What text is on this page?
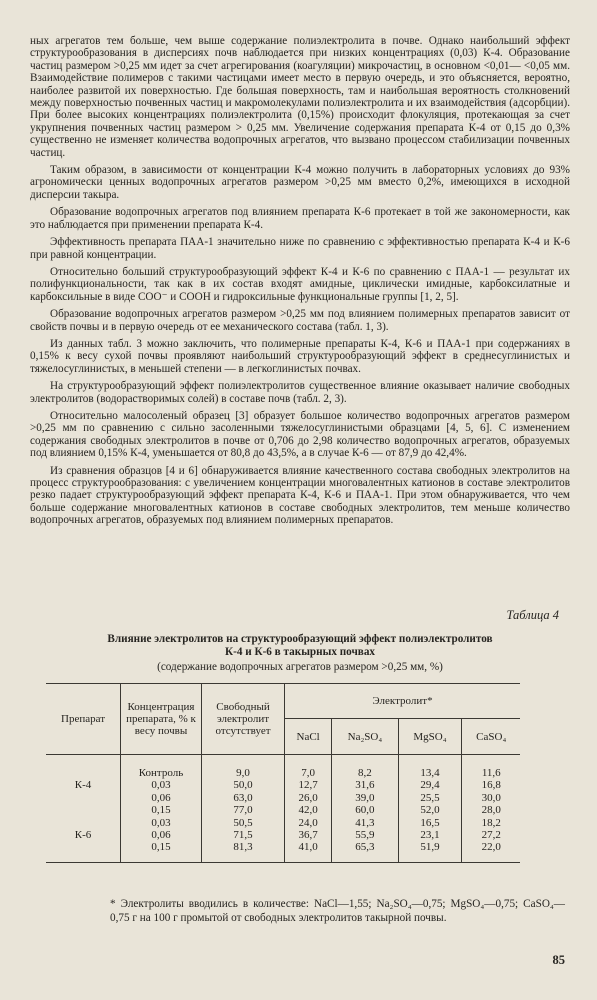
ных агрегатов тем больше, чем выше содержание полиэлектролита в почве. Однако наибольший эффект структурообразования в дисперсиях почв наблюдается при низких концентрациях (0,03) К-4. Образование частиц размером >0,25 мм идет за счет агрегирования (коагуляции) микрочастиц, в основном <0,01— <0,05 мм. Взаимодействие полимеров с такими частицами имеет место в первую очередь, и это объясняется, вероятно, наиболее развитой их поверхностью. Где большая поверхность, там и наибольшая вероятность столкновений между поверхностью почвенных частиц и макромолекулами полиэлектролита и их взаимодействия (адсорбции). При более высоких концентрациях полиэлектролита (0,15%) происходит флокуляция, протекающая за счет укрупнения почвенных частиц размером > 0,25 мм. Увеличение содержания препарата К-4 от 0,15 до 0,3% существенно не изменяет количества водопрочных агрегатов, что вызвано процессом стабилизации почвенных частиц.

Таким образом, в зависимости от концентрации К-4 можно получить в лабораторных условиях до 93% агрономически ценных водопрочных агрегатов размером >0,25 мм вместо 0,2%, имеющихся в исходной дисперсии такыра.

Образование водопрочных агрегатов под влиянием препарата К-6 протекает в той же закономерности, как это наблюдается при применении препарата К-4.

Эффективность препарата ПАА-1 значительно ниже по сравнению с эффективностью препарата К-4 и К-6 при равной концентрации.

Относительно больший структурообразующий эффект К-4 и К-6 по сравнению с ПАА-1 — результат их полифункциональности, так как в их состав входят амидные, циклически имидные, карбоксилатные и карбоксильные в виде СОО⁻ и СООН и гидроксильные функциональные группы [1, 2, 5].

Образование водопрочных агрегатов размером >0,25 мм под влиянием полимерных препаратов зависит от свойств почвы и в первую очередь от ее механического состава (табл. 1, 3).

Из данных табл. 3 можно заключить, что полимерные препараты К-4, К-6 и ПАА-1 при содержаниях в 0,15% к весу сухой почвы проявляют наибольший структурообразующий эффект в среднесуглинистых и тяжелосуглинистых, в меньшей степени — в легкоглинистых почвах.

На структурообразующий эффект полиэлектролитов существенное влияние оказывает наличие свободных электролитов (водорастворимых солей) в составе почв (табл. 2, 3).

Относительно малосоленый образец [3] образует большое количество водопрочных агрегатов размером >0,25 мм по сравнению с сильно засоленными тяжелосуглинистыми образцами [4, 5, 6]. С изменением содержания свободных электролитов в почве от 0,706 до 2,98 количество водопрочных агрегатов, образуемых под влиянием 0,15% К-4, уменьшается от 80,8 до 43,5%, а в случае К-6 — от 87,9 до 42,4%.

Из сравнения образцов [4 и 6] обнаруживается влияние качественного состава свободных электролитов на процесс структурообразования: с увеличением концентрации многовалентных катионов в составе электролитов резко падает структурообразующий эффект препарата К-4, К-6 и ПАА-1. При этом обнаруживается, что чем больше содержание многовалентных катионов в составе свободных электролитов, тем меньше количество водопрочных агрегатов, образуемых под влиянием полимерных препаратов.

Таблица 4
Влияние электролитов на структурообразующий эффект полиэлектролитов
К-4 и К-6 в такырных почвах
(содержание водопрочных агрегатов размером >0,25 мм, %)
Препарат	Концентрация препарата, % к весу почвы	Свободный электролит отсутствует	Электролит*			
			NaCl	Na₂SO₄	MgSO₄	CaSO₄
	Контроль	9,0	7,0	8,2	13,4	11,6
К-4	0,03	50,0	12,7	31,6	29,4	16,8
	0,06	63,0	26,0	39,0	25,5	30,0
	0,15	77,0	42,0	60,0	52,0	28,0
	0,03	50,5	24,0	41,3	16,5	18,2
К-6	0,06	71,5	36,7	55,9	23,1	27,2
	0,15	81,3	41,0	65,3	51,9	22,0
* Электролиты вводились в количестве: NaCl—1,55; Na₂SO₄—0,75; MgSO₄—0,75; CaSO₄—0,75 г на 100 г промытой от свободных электролитов такырной почвы.
85
